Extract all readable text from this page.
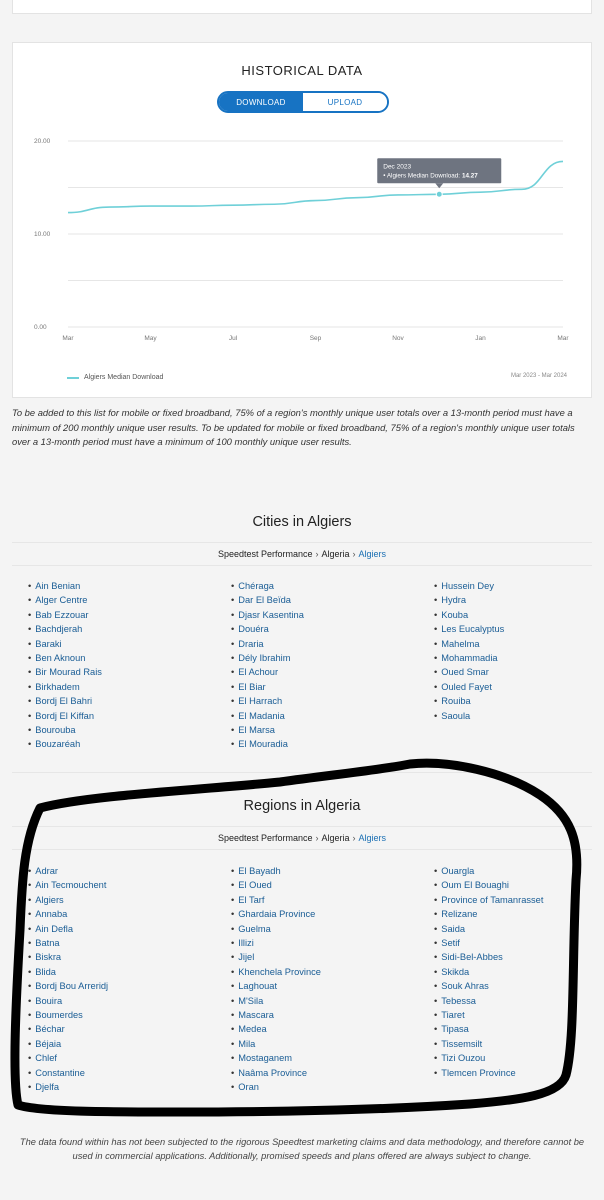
HISTORICAL DATA
DOWNLOAD	UPLOAD
20.00
10.00
0.00
Mar	May	Jul	Sep	Nov	Jan	Mar
Dec 2023
• Algiers Median Download: 14.27
Algiers Median Download	Mar 2023 - Mar 2024
To be added to this list for mobile or fixed broadband, 75% of a region's monthly unique user totals over a 13-month period must have a minimum of 200 monthly unique user results. To be updated for mobile or fixed broadband, 75% of a region's monthly unique user totals over a 13-month period must have a minimum of 100 monthly unique user results.
Cities in Algiers
Speedtest Performance › Algeria › Algiers
• Ain Benian
• Alger Centre
• Bab Ezzouar
• Bachdjerah
• Baraki
• Ben Aknoun
• Bir Mourad Rais
• Birkhadem
• Bordj El Bahri
• Bordj El Kiffan
• Bourouba
• Bouzaréah
• Chéraga
• Dar El Beïda
• Djasr Kasentina
• Douéra
• Draria
• Dély Ibrahim
• El Achour
• El Biar
• El Harrach
• El Madania
• El Marsa
• El Mouradia
• Hussein Dey
• Hydra
• Kouba
• Les Eucalyptus
• Mahelma
• Mohammadia
• Oued Smar
• Ouled Fayet
• Rouiba
• Saoula
Regions in Algeria
Speedtest Performance › Algeria › Algiers
• Adrar
• Ain Tecmouchent
• Algiers
• Annaba
• Ain Defla
• Batna
• Biskra
• Blida
• Bordj Bou Arreridj
• Bouira
• Boumerdes
• Béchar
• Béjaia
• Chlef
• Constantine
• Djelfa
• El Bayadh
• El Oued
• El Tarf
• Ghardaia Province
• Guelma
• Illizi
• Jijel
• Khenchela Province
• Laghouat
• M'Sila
• Mascara
• Medea
• Mila
• Mostaganem
• Naâma Province
• Oran
• Ouargla
• Oum El Bouaghi
• Province of Tamanrasset
• Relizane
• Saida
• Setif
• Sidi-Bel-Abbes
• Skikda
• Souk Ahras
• Tebessa
• Tiaret
• Tipasa
• Tissemsilt
• Tizi Ouzou
• Tlemcen Province
The data found within has not been subjected to the rigorous Speedtest marketing claims and data methodology, and therefore cannot be used in commercial applications. Additionally, promised speeds and plans offered are always subject to change.
